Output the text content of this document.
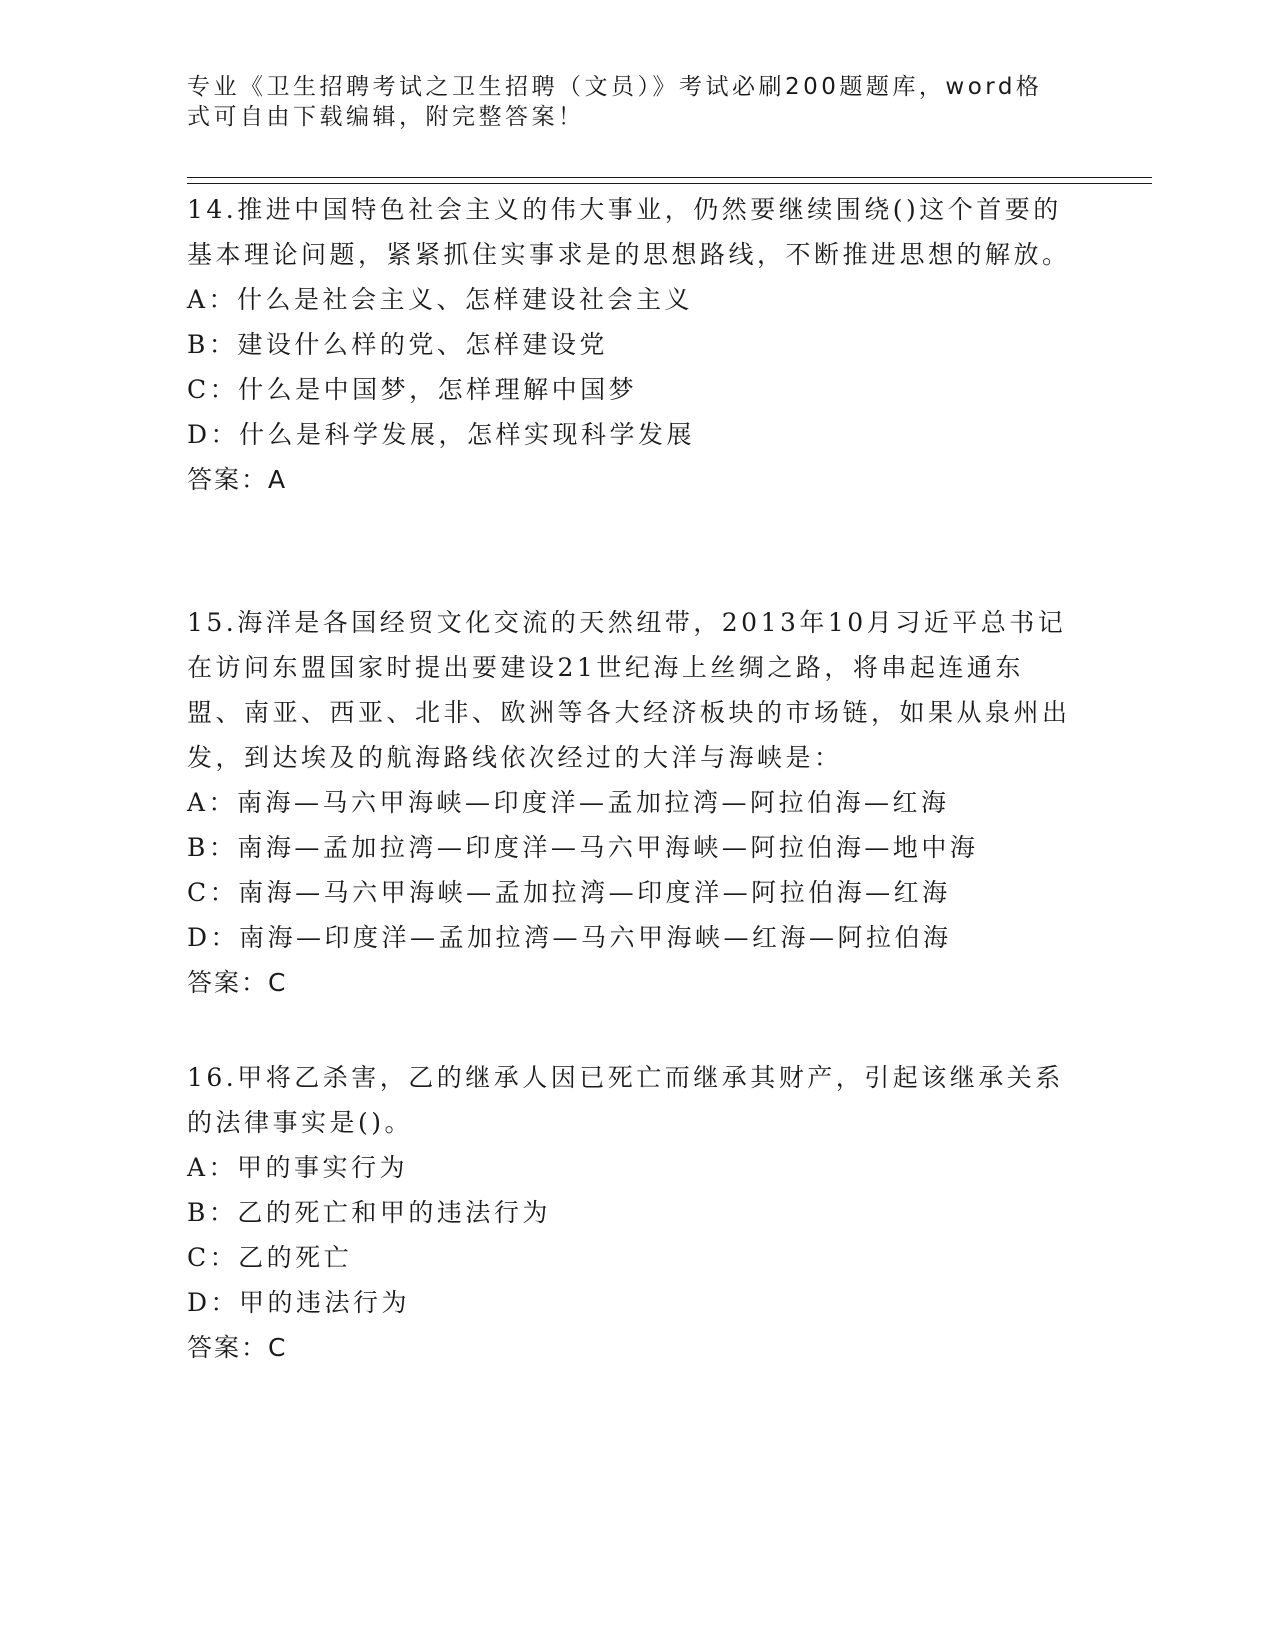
专业《卫生招聘考试之卫生招聘（文员）》考试必刷200题题库，word格式可自由下载编辑，附完整答案！
14.推进中国特色社会主义的伟大事业，仍然要继续围绕()这个首要的基本理论问题，紧紧抓住实事求是的思想路线，不断推进思想的解放。
A：什么是社会主义、怎样建设社会主义
B：建设什么样的党、怎样建设党
C：什么是中国梦，怎样理解中国梦
D：什么是科学发展，怎样实现科学发展
答案：A
15.海洋是各国经贸文化交流的天然纽带，2013年10月习近平总书记在访问东盟国家时提出要建设21世纪海上丝绸之路，将串起连通东盟、南亚、西亚、北非、欧洲等各大经济板块的市场链，如果从泉州出发，到达埃及的航海路线依次经过的大洋与海峡是：
A：南海—马六甲海峡—印度洋—孟加拉湾—阿拉伯海—红海
B：南海—孟加拉湾—印度洋—马六甲海峡—阿拉伯海—地中海
C：南海—马六甲海峡—孟加拉湾—印度洋—阿拉伯海—红海
D：南海—印度洋—孟加拉湾—马六甲海峡—红海—阿拉伯海
答案：C
16.甲将乙杀害，乙的继承人因已死亡而继承其财产，引起该继承关系的法律事实是()。
A：甲的事实行为
B：乙的死亡和甲的违法行为
C：乙的死亡
D：甲的违法行为
答案：C
